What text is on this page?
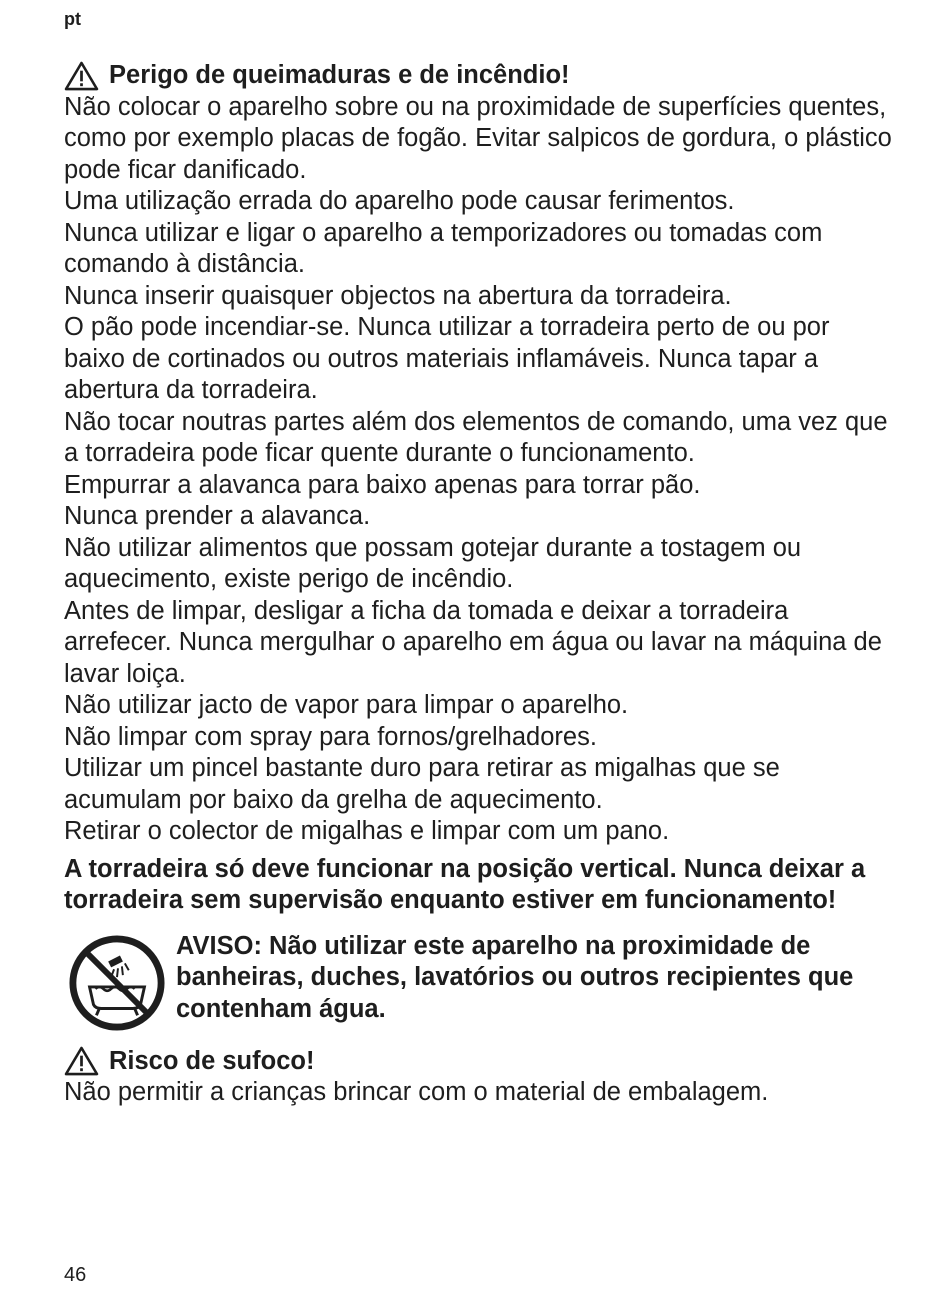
pt

Perigo de queimaduras e de incêndio!

Não colocar o aparelho sobre ou na proximidade de superfícies quentes, como por exemplo placas de fogão. Evitar salpicos de gordura, o plástico pode ficar danificado.

Uma utilização errada do aparelho pode causar ferimentos.

Nunca utilizar e ligar o aparelho a temporizadores ou tomadas com comando à distância.

Nunca inserir quaisquer objectos na abertura da torradeira.

O pão pode incendiar-se. Nunca utilizar a torradeira perto de ou por baixo de cortinados ou outros materiais inflamáveis. Nunca tapar a abertura da torradeira.

Não tocar noutras partes além dos elementos de comando, uma vez que a torradeira pode ficar quente durante o funcionamento.

Empurrar a alavanca para baixo apenas para torrar pão.

Nunca prender a alavanca.

Não utilizar alimentos que possam gotejar durante a tostagem ou aquecimento, existe perigo de incêndio.

Antes de limpar, desligar a ficha da tomada e deixar a torradeira arrefecer. Nunca mergulhar o aparelho em água ou lavar na máquina de lavar loiça.

Não utilizar jacto de vapor para limpar o aparelho.

Não limpar com spray para fornos/grelhadores.

Utilizar um pincel bastante duro para retirar as migalhas que se acumulam por baixo da grelha de aquecimento.

Retirar o colector de migalhas e limpar com um pano.

A torradeira só deve funcionar na posição vertical. Nunca deixar a torradeira sem supervisão enquanto estiver em funcionamento!

AVISO: Não utilizar este aparelho na proximidade de banheiras, duches, lavatórios ou outros recipientes que contenham água.

Risco de sufoco!

Não permitir a crianças brincar com o material de embalagem.

46
